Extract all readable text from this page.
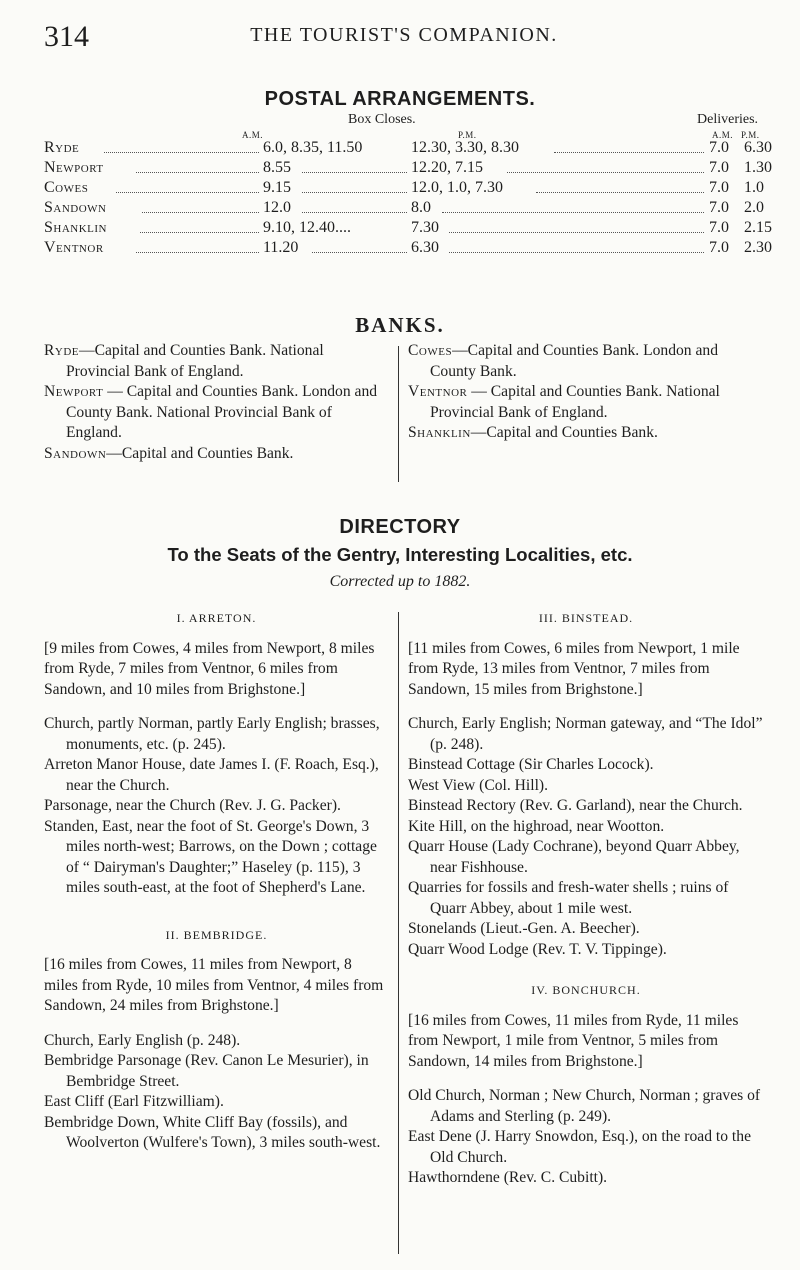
314	THE TOURIST'S COMPANION.
POSTAL ARRANGEMENTS.
Box Closes.	Deliveries.
A.M.	P.M.	A.M. P.M.
Ryde	6.0, 8.35, 11.50	12.30, 3.30, 8.30	7.0 6.30
Newport	8.55	12.20, 7.15	7.0 1.30
Cowes	9.15	12.0, 1.0, 7.30	7.0 1.0
Sandown	12.0	8.0	7.0 2.0
Shanklin	9.10, 12.40....	7.30	7.0 2.15
Ventnor	11.20	6.30	7.0 2.30
BANKS.

Ryde—Capital and Counties Bank. National Provincial Bank of England.

Newport — Capital and Counties Bank. London and County Bank. National Provincial Bank of England.

Sandown—Capital and Counties Bank.

Cowes—Capital and Counties Bank. London and County Bank.

Ventnor — Capital and Counties Bank. National Provincial Bank of England.

Shanklin—Capital and Counties Bank.

DIRECTORY
To the Seats of the Gentry, Interesting Localities, etc.
Corrected up to 1882.

I. ARRETON.

[9 miles from Cowes, 4 miles from Newport, 8 miles from Ryde, 7 miles from Ventnor, 6 miles from Sandown, and 10 miles from Brighstone.]

Church, partly Norman, partly Early English; brasses, monuments, etc. (p. 245).

Arreton Manor House, date James I. (F. Roach, Esq.), near the Church.

Parsonage, near the Church (Rev. J. G. Packer).

Standen, East, near the foot of St. George's Down, 3 miles north-west; Barrows, on the Down ; cottage of “ Dairyman's Daughter;” Haseley (p. 115), 3 miles south-east, at the foot of Shepherd's Lane.

II. BEMBRIDGE.

[16 miles from Cowes, 11 miles from Newport, 8 miles from Ryde, 10 miles from Ventnor, 4 miles from Sandown, 24 miles from Brighstone.]

Church, Early English (p. 248).

Bembridge Parsonage (Rev. Canon Le Mesurier), in Bembridge Street.

East Cliff (Earl Fitzwilliam).

Bembridge Down, White Cliff Bay (fossils), and Woolverton (Wulfere's Town), 3 miles south-west.

III. BINSTEAD.

[11 miles from Cowes, 6 miles from Newport, 1 mile from Ryde, 13 miles from Ventnor, 7 miles from Sandown, 15 miles from Brighstone.]

Church, Early English; Norman gateway, and “The Idol” (p. 248).

Binstead Cottage (Sir Charles Locock).

West View (Col. Hill).

Binstead Rectory (Rev. G. Garland), near the Church.

Kite Hill, on the highroad, near Wootton.

Quarr House (Lady Cochrane), beyond Quarr Abbey, near Fishhouse.

Quarries for fossils and fresh-water shells ; ruins of Quarr Abbey, about 1 mile west.

Stonelands (Lieut.-Gen. A. Beecher).

Quarr Wood Lodge (Rev. T. V. Tippinge).

IV. BONCHURCH.

[16 miles from Cowes, 11 miles from Ryde, 11 miles from Newport, 1 mile from Ventnor, 5 miles from Sandown, 14 miles from Brighstone.]

Old Church, Norman ; New Church, Norman ; graves of Adams and Sterling (p. 249).

East Dene (J. Harry Snowdon, Esq.), on the road to the Old Church.

Hawthorndene (Rev. C. Cubitt).
